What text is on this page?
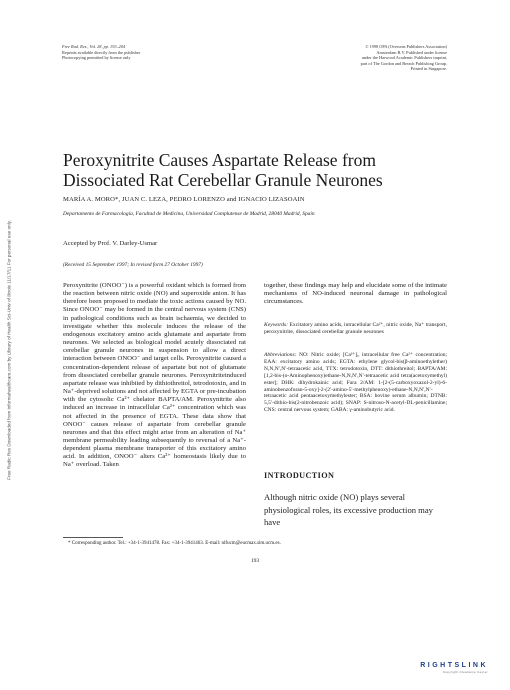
Free Radic Res Downloaded from informahealthcare.com by Library of Health Sci-Univ of Ilinois 11/17/11 For personal use only.
Free Rad. Res., Vol. 28, pp. 193–204
Reprints available directly from the publisher
Photocopying permitted by license only
© 1998 OPA (Overseas Publishers Association)
Amsterdam B.V. Published under license
under the Harwood Academic Publishers imprint,
part of The Gordon and Breach Publishing Group.
Printed in Singapore.
Peroxynitrite Causes Aspartate Release from Dissociated Rat Cerebellar Granule Neurones
MARÍA A. MORO*, JUAN C. LEZA, PEDRO LORENZO and IGNACIO LIZASOAIN
Departamento de Farmacología, Facultad de Medicina, Universidad Complutense de Madrid, 28040 Madrid, Spain
Accepted by Prof. V. Darley-Usmar
(Received 15 September 1997; In revised form 27 October 1997)
Peroxynitrite (ONOO⁻) is a powerful oxidant which is formed from the reaction between nitric oxide (NO) and superoxide anion. It has therefore been proposed to mediate the toxic actions caused by NO. Since ONOO⁻ may be formed in the central nervous system (CNS) in pathological conditions such as brain ischaemia, we decided to investigate whether this molecule induces the release of the endogenous excitatory amino acids glutamate and aspartate from neurones. We selected as biological model acutely dissociated rat cerebellar granule neurones in suspension to allow a direct interaction between ONOO⁻ and target cells. Peroxynitrite caused a concentration-dependent release of aspartate but not of glutamate from dissociated cerebellar granule neurones. Peroxynitriteinduced aspartate release was inhibited by dithiothreitol, tetrodotoxin, and in Na⁺-deprived solutions and not affected by EGTA or pre-incubation with the cytosolic Ca²⁺ chelator BAPTA/AM. Peroxynitrite also induced an increase in intracellular Ca²⁺ concentration which was not affected in the presence of EGTA. These data show that ONOO⁻ causes release of aspartate from cerebellar granule neurones and that this effect might arise from an alteration of Na⁺ membrane permeability leading subsequently to reversal of a Na⁺-dependent plasma membrane transporter of this excitatory amino acid. In addition, ONOO⁻ alters Ca²⁺ homeostasis likely due to Na⁺ overload. Taken
together, these findings may help and elucidate some of the intimate mechanisms of NO-induced neuronal damage in pathological circumstances.
Keywords: Excitatory amino acids, intracellular Ca²⁺, nitric oxide, Na⁺ transport, peroxynitrite, dissociated cerebellar granule neurones
Abbreviations: NO: Nitric oxide; [Ca²⁺]ᵢ, intracellular free Ca²⁺ concentration; EAA: excitatory amino acids; EGTA: ethylene glycol-bis(β-aminoethylether) N,N,N′,N′-tetraacetic acid, TTX: tetrodotoxin, DTT: dithiothreitol; BAPTA/AM: [1,2-bis-(o-Aminophenoxy)ethane-N,N,N′,N′-tetraacetic acid tetra(acetoxymethyl) ester]; DHK: dihydrokainic acid; Fura 2/AM: 1-[2-(5-carboxyoxazol-2-yl)-6-aminobenzofuran-5-oxy]-2-(2′-amino-5′-methylphenoxy)-ethane-N,N,N′,N′-tetraacetic acid pentaacetoxymethylester; BSA: bovine serum albumin; DTNB: 5,5′-dithio-bis(2-nitrobenzoic acid); SNAP: S-nitroso-N-acetyl-DL-penicillamine; CNS: central nervous system; GABA: γ-aminobutyric acid.
INTRODUCTION
Although nitric oxide (NO) plays several physiological roles, its excessive production may have
* Corresponding author. Tel.: +34-1-3941478. Fax: +34-1-3941463. E-mail: nlfucm@eucmax.sim.ucm.es.
193
RIGHTSLINK
Copyright Clearance Center
